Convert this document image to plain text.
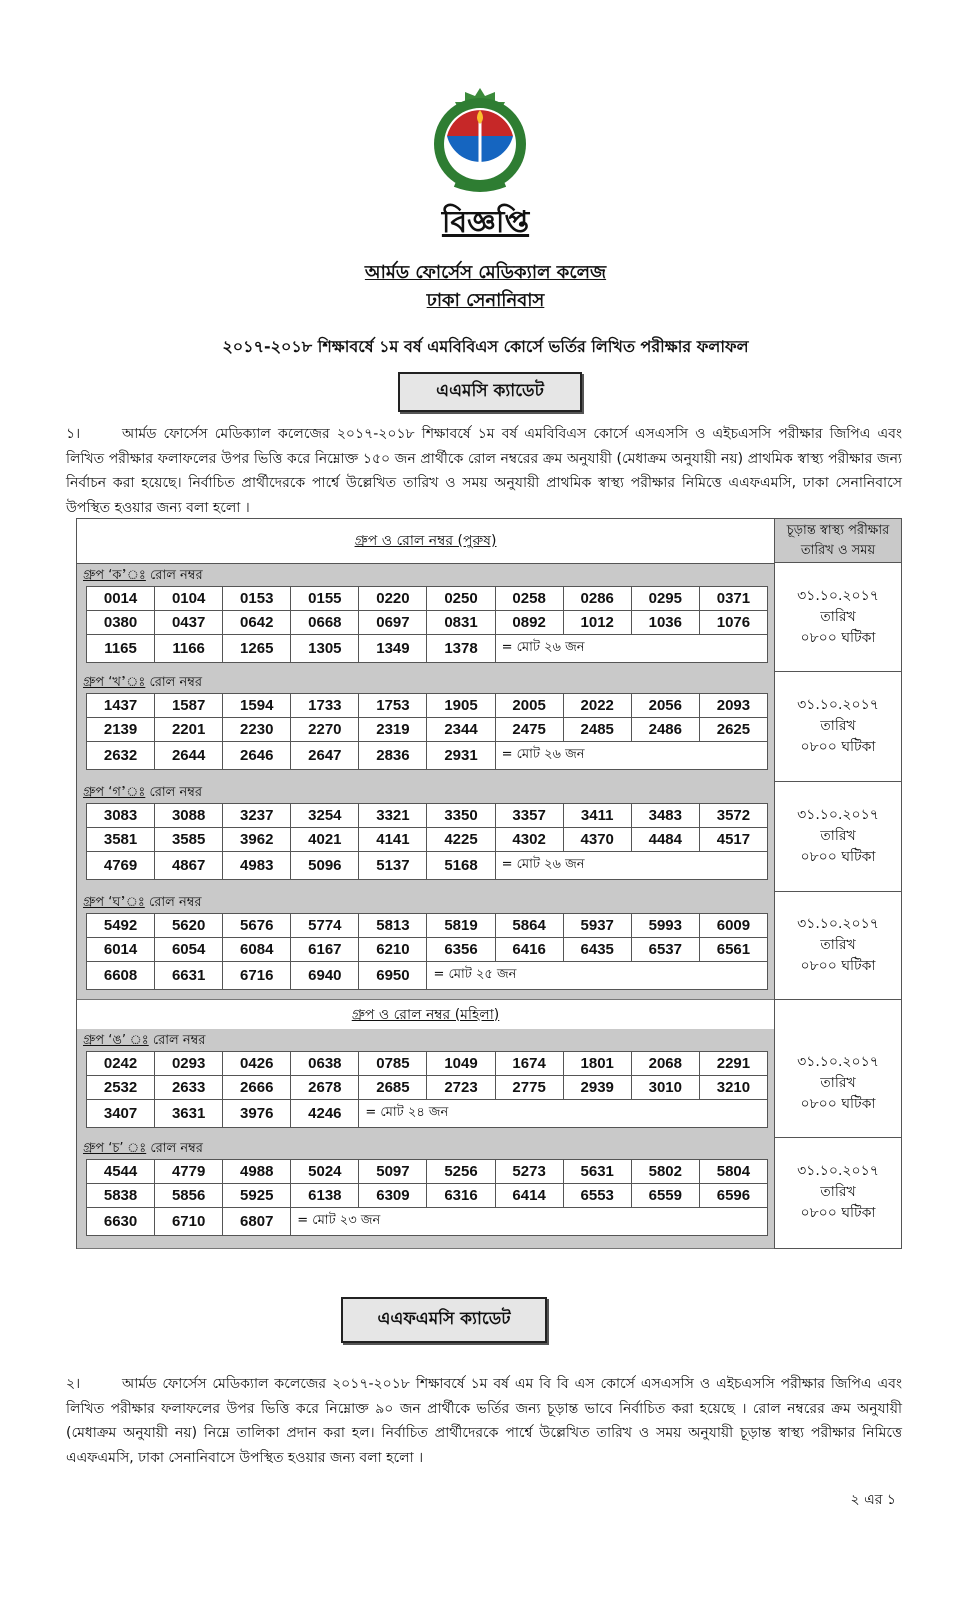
বিজ্ঞপ্তি
আর্মড ফোর্সেস মেডিক্যাল কলেজ
ঢাকা সেনানিবাস
২০১৭-২০১৮ শিক্ষাবর্ষে ১ম বর্ষ এমবিবিএস কোর্সে ভর্তির লিখিত পরীক্ষার ফলাফল
এএমসি ক্যাডেট
১।	আর্মড ফোর্সেস মেডিক্যাল কলেজের ২০১৭-২০১৮ শিক্ষাবর্ষে ১ম বর্ষ এমবিবিএস কোর্সে এসএসসি ও এইচএসসি পরীক্ষার জিপিএ এবং লিখিত পরীক্ষার ফলাফলের উপর ভিত্তি করে নিম্নোক্ত ১৫০ জন প্রার্থীকে রোল নম্বরের ক্রম অনুযায়ী (মেধাক্রম অনুযায়ী নয়) প্রাথমিক স্বাস্থ্য পরীক্ষার জন্য নির্বাচন করা হয়েছে। নির্বাচিত প্রার্থীদেরকে পার্শ্বে উল্লেখিত তারিখ ও সময় অনুযায়ী প্রাথমিক স্বাস্থ্য পরীক্ষার নিমিত্তে এএফএমসি, ঢাকা সেনানিবাসে উপস্থিত হওয়ার জন্য বলা হলো ।
গ্রুপ ও রোল নম্বর (পুরুষ)
চূড়ান্ত স্বাস্থ্য পরীক্ষার
তারিখ ও সময়
গ্রুপ ও রোল নম্বর (মহিলা)
গ্রুপ ‘ক’ঃ রোল নম্বর
0014	0104	0153	0155	0220	0250	0258	0286	0295	0371
0380	0437	0642	0668	0697	0831	0892	1012	1036	1076
1165	1166	1265	1305	1349	1378	= মোট ২৬ জন			
৩১.১০.২০১৭
তারিখ
০৮০০ ঘটিকা
গ্রুপ ‘খ’ঃ রোল নম্বর
1437	1587	1594	1733	1753	1905	2005	2022	2056	2093
2139	2201	2230	2270	2319	2344	2475	2485	2486	2625
2632	2644	2646	2647	2836	2931	= মোট ২৬ জন			
৩১.১০.২০১৭
তারিখ
০৮০০ ঘটিকা
গ্রুপ ‘গ’ঃ রোল নম্বর
3083	3088	3237	3254	3321	3350	3357	3411	3483	3572
3581	3585	3962	4021	4141	4225	4302	4370	4484	4517
4769	4867	4983	5096	5137	5168	= মোট ২৬ জন			
৩১.১০.২০১৭
তারিখ
০৮০০ ঘটিকা
গ্রুপ ‘ঘ’ঃ রোল নম্বর
5492	5620	5676	5774	5813	5819	5864	5937	5993	6009
6014	6054	6084	6167	6210	6356	6416	6435	6537	6561
6608	6631	6716	6940	6950	= মোট ২৫ জন				
৩১.১০.২০১৭
তারিখ
০৮০০ ঘটিকা
গ্রুপ ‘ঙ’ ঃ রোল নম্বর
0242	0293	0426	0638	0785	1049	1674	1801	2068	2291
2532	2633	2666	2678	2685	2723	2775	2939	3010	3210
3407	3631	3976	4246	= মোট ২৪ জন					
৩১.১০.২০১৭
তারিখ
০৮০০ ঘটিকা
গ্রুপ ‘চ’ ঃ রোল নম্বর
4544	4779	4988	5024	5097	5256	5273	5631	5802	5804
5838	5856	5925	6138	6309	6316	6414	6553	6559	6596
6630	6710	6807	= মোট ২৩ জন						
৩১.১০.২০১৭
তারিখ
০৮০০ ঘটিকা
এএফএমসি ক্যাডেট
২।	আর্মড ফোর্সেস মেডিক্যাল কলেজের ২০১৭-২০১৮ শিক্ষাবর্ষে ১ম বর্ষ এম বি বি এস কোর্সে এসএসসি ও এইচএসসি পরীক্ষার জিপিএ এবং লিখিত পরীক্ষার ফলাফলের উপর ভিত্তি করে নিম্নোক্ত ৯০ জন প্রার্থীকে ভর্তির জন্য চূড়ান্ত ভাবে নির্বাচিত করা হয়েছে । রোল নম্বরের ক্রম অনুযায়ী (মেধাক্রম অনুযায়ী নয়) নিম্নে তালিকা প্রদান করা হল। নির্বাচিত প্রার্থীদেরকে পার্শ্বে উল্লেখিত তারিখ ও সময় অনুযায়ী চূড়ান্ত স্বাস্থ্য পরীক্ষার নিমিত্তে এএফএমসি, ঢাকা সেনানিবাসে উপস্থিত হওয়ার জন্য বলা হলো ।
২ এর ১
